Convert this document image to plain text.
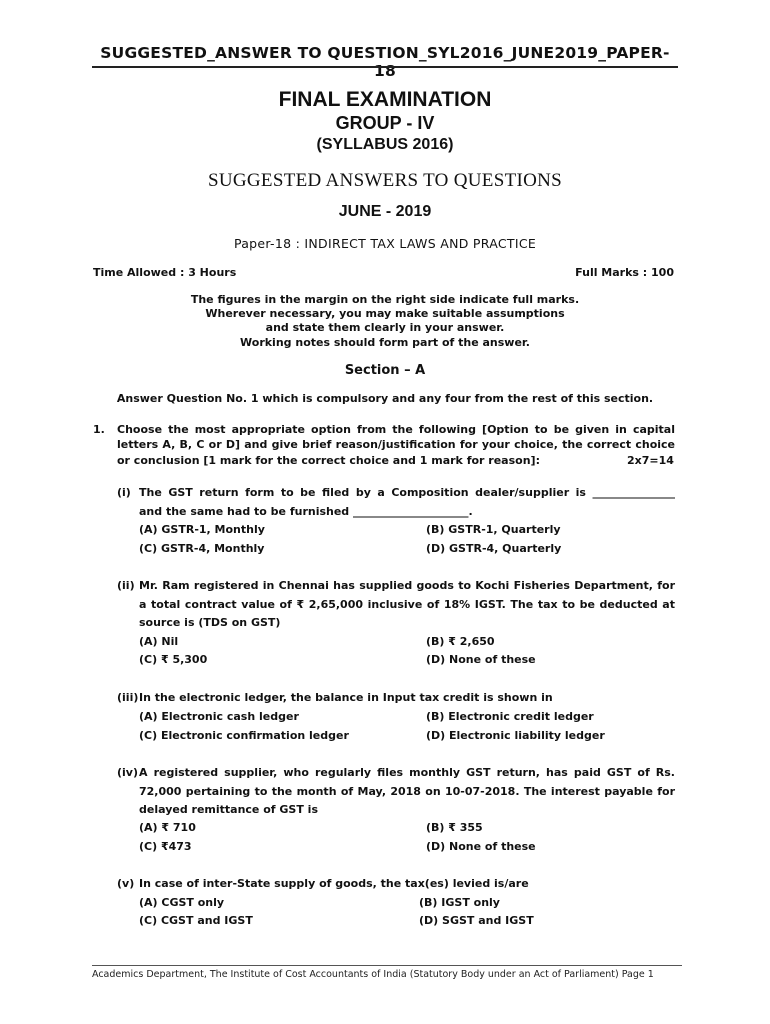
SUGGESTED_ANSWER TO QUESTION_SYL2016_JUNE2019_PAPER-18
FINAL EXAMINATION
GROUP - IV
(SYLLABUS 2016)
SUGGESTED ANSWERS TO QUESTIONS
JUNE - 2019
Paper-18 : INDIRECT TAX LAWS AND PRACTICE
Time Allowed : 3 Hours	Full Marks : 100
The figures in the margin on the right side indicate full marks.
Wherever necessary, you may make suitable assumptions
and state them clearly in your answer.
Working notes should form part of the answer.
Section – A
Answer Question No. 1 which is compulsory and any four from the rest of this section.
1. Choose the most appropriate option from the following [Option to be given in capital
letters A, B, C or D] and give brief reason/justification for your choice, the correct choice
or conclusion [1 mark for the correct choice and 1 mark for reason]:	2x7=14
(i) The GST return form to be filed by a Composition dealer/supplier is _______________
and the same had to be furnished _____________________.
(A) GSTR-1, Monthly	(B) GSTR-1, Quarterly
(C) GSTR-4, Monthly	(D) GSTR-4, Quarterly
(ii) Mr. Ram registered in Chennai has supplied goods to Kochi Fisheries Department, for
a total contract value of ₹ 2,65,000 inclusive of 18% IGST. The tax to be deducted at
source is (TDS on GST)
(A) Nil	(B) ₹ 2,650
(C) ₹ 5,300	(D) None of these
(iii) In the electronic ledger, the balance in Input tax credit is shown in
(A) Electronic cash ledger	(B) Electronic credit ledger
(C) Electronic confirmation ledger	(D) Electronic liability ledger
(iv) A registered supplier, who regularly files monthly GST return, has paid GST of Rs.
72,000 pertaining to the month of May, 2018 on 10-07-2018. The interest payable for
delayed remittance of GST is
(A) ₹ 710	(B) ₹ 355
(C) ₹473	(D) None of these
(v) In case of inter-State supply of goods, the tax(es) levied is/are
(A) CGST only	(B) IGST only
(C) CGST and IGST	(D) SGST and IGST
Academics Department, The Institute of Cost Accountants of India (Statutory Body under an Act of Parliament) Page 1
